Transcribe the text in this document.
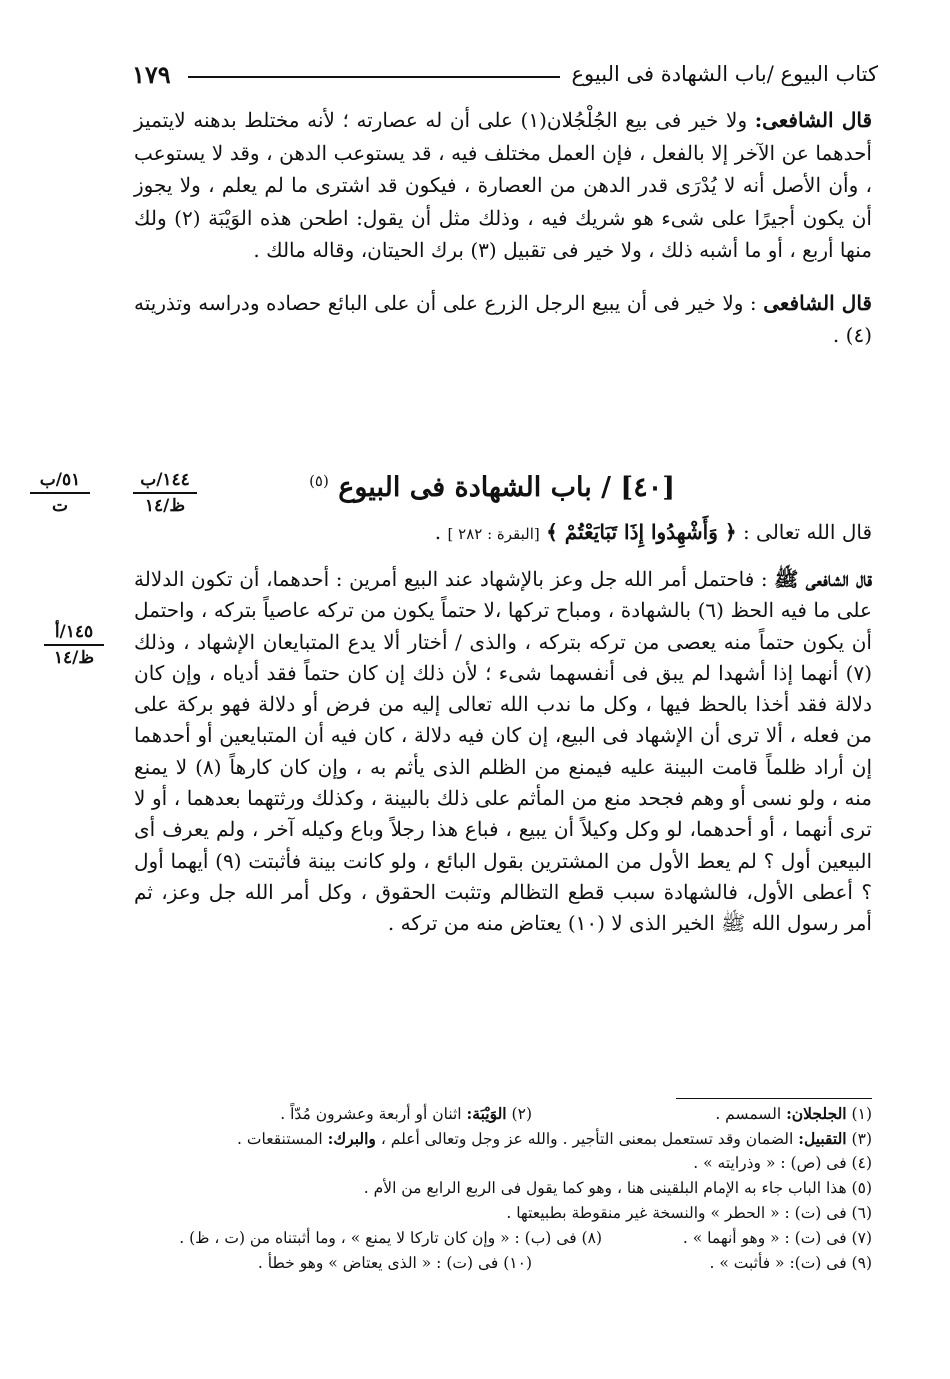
كتاب البيوع /باب الشهادة فى البيوع
١٧٩

قال الشافعى: ولا خير فى بيع الجُلْجُلان(١) على أن له عصارته ؛ لأنه مختلط بدهنه لايتميز أحدهما عن الآخر إلا بالفعل ، فإن العمل مختلف فيه ، قد يستوعب الدهن ، وقد لا يستوعب ، وأن الأصل أنه لا يُدْرَى قدر الدهن من العصارة ، فيكون قد اشترى ما لم يعلم ، ولا يجوز أن يكون أجيرًا على شىء هو شريك فيه ، وذلك مثل أن يقول: اطحن هذه الوَيْبَة (٢) ولك منها أربع ، أو ما أشبه ذلك ، ولا خير فى تقبيل (٣) برك الحيتان، وقاله مالك .

قال الشافعى : ولا خير فى أن يبيع الرجل الزرع على أن على البائع حصاده ودراسه وتذريته (٤) .

٥١/ب
ت
١٤٤/ب
ظ/١٤
١٤٥/أ
ظ/١٤
[٤٠] / باب الشهادة فى البيوع $^{(٥)}$
قال الله تعالى : ﴿ وَأَشْهِدُوا إِذَا تَبَايَعْتُمْ ﴾ [البقرة : ٢٨٢ ] .

قال الشافعى ﷺ : فاحتمل أمر الله جل وعز بالإشهاد عند البيع أمرين : أحدهما، أن تكون الدلالة على ما فيه الحظ (٦) بالشهادة ، ومباح تركها ،لا حتماً يكون من تركه عاصياً بتركه ، واحتمل أن يكون حتماً منه يعصى من تركه بتركه ، والذى / أختار ألا يدع المتبايعان الإشهاد ، وذلك (٧) أنهما إذا أشهدا لم يبق فى أنفسهما شىء ؛ لأن ذلك إن كان حتماً فقد أدياه ، وإن كان دلالة فقد أخذا بالحظ فيها ، وكل ما ندب الله تعالى إليه من فرض أو دلالة فهو بركة على من فعله ، ألا ترى أن الإشهاد فى البيع، إن كان فيه دلالة ، كان فيه أن المتبايعين أو أحدهما إن أراد ظلماً قامت البينة عليه فيمنع من الظلم الذى يأثم به ، وإن كان كارهاً (٨) لا يمنع منه ، ولو نسى أو وهم فجحد منع من المأثم على ذلك بالبينة ، وكذلك ورثتهما بعدهما ، أو لا ترى أنهما ، أو أحدهما، لو وكل وكيلاً أن يبيع ، فباع هذا رجلاً وباع وكيله آخر ، ولم يعرف أى البيعين أول ؟ لم يعط الأول من المشترين بقول البائع ، ولو كانت بينة فأثبتت (٩) أيهما أول ؟ أعطى الأول، فالشهادة سبب قطع التظالم وتثبت الحقوق ، وكل أمر الله جل وعز، ثم أمر رسول الله ﷺ الخير الذى لا (١٠) يعتاض منه من تركه .

(١) الجلجلان: السمسم .
(٢) الوَيْبَة: اثنان أو أربعة وعشرون مُدّاً .
(٣) التقبيل: الضمان وقد تستعمل بمعنى التأجير . والله عز وجل وتعالى أعلم ، والبرك: المستنقعات .
(٤) فى (ص) : « وذرايته » .
(٥) هذا الباب جاء به الإمام البلقينى هنا ، وهو كما يقول فى الربع الرابع من الأم .
(٦) فى (ت) : « الحطر » والنسخة غير منقوطة بطبيعتها .
(٧) فى (ت) : « وهو أنهما » .
(٨) فى (ب) : « وإن كان تاركا لا يمنع » ، وما أثبتناه من (ت ، ظ) .
(٩) فى (ت): « فأثبت » .
(١٠) فى (ت) : « الذى يعتاض » وهو خطأ .
